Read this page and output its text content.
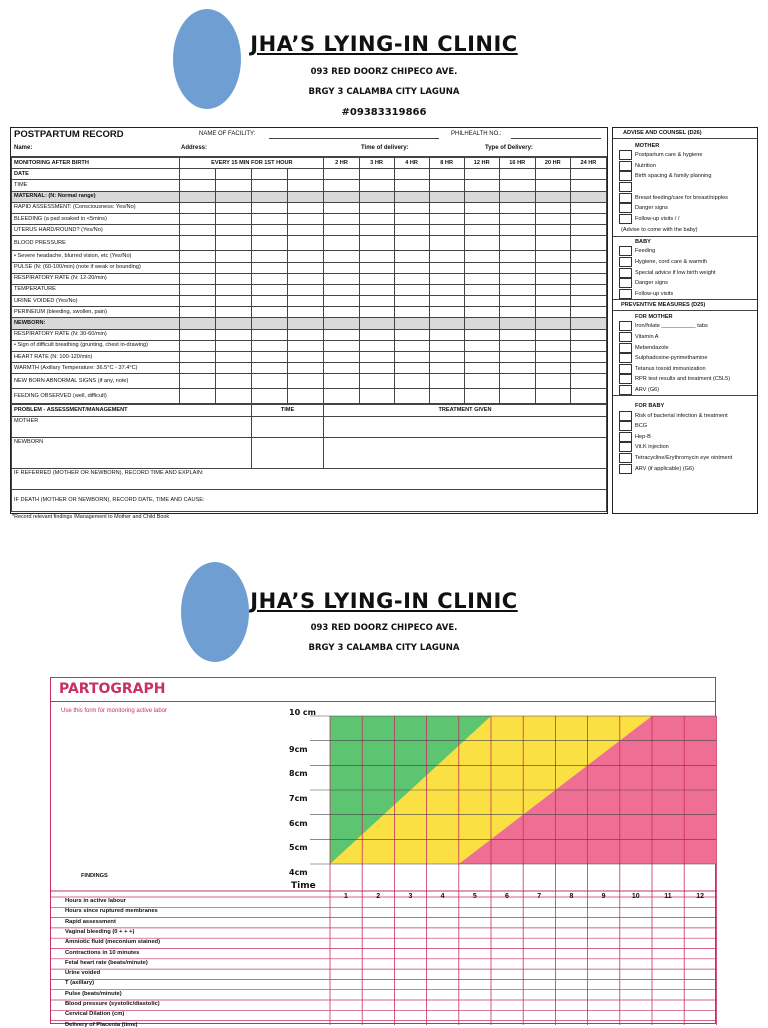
JHA’S LYING-IN CLINIC
093 RED DOORZ CHIPECO AVE.
BRGY 3 CALAMBA CITY LAGUNA
#09383319866
POSTPARTUM RECORD	NAME OF FACILITY:	PHILHEALTH NO.:
Name:	Address:	Time of delivery:	Type of Delivery:
MONITORING AFTER BIRTH	EVERY 15 MIN FOR 1ST HOUR				2 HR	3 HR	4 HR	8 HR	12 HR	16 HR	20 HR	24 HR
DATE												
TIME												
MATERNAL: (N: Normal range)												
RAPID ASSESSMENT: (Consciousness: Yes/No)												
BLEEDING (a pad soaked in <5mins)												
UTERUS HARD/ROUND? (Yes/No)												
BLOOD PRESSURE												
• Severe headache, blurred vision, etc (Yes/No)												
PULSE (N: (60-100/min) (note if weak or bounding)												
RESPIRATORY RATE (N: 12-20/min)												
TEMPERATURE												
URINE VOIDED (Yes/No)												
PERINEIUM (bleeding, swollen, pain)												
NEWBORN:												
RESPIRATORY RATE (N: 30-60/min)												
• Sign of difficult breathing (grunting, chest in-drawing)												
HEART RATE (N: 100-120/min)												
WARMTH (Axillary Temperature: 36.5°C - 37.4°C)												
NEW BORN ABNORMAL SIGNS (if any, note)												
FEEDING OBSERVED (well, difficult)												
PROBLEM - ASSESSMENT/MANAGEMENT	TIME	TREATMENT GIVEN
MOTHER		
NEWBORN		
IF REFERRED (MOTHER OR NEWBORN), RECORD TIME AND EXPLAIN:		
IF DEATH (MOTHER OR NEWBORN), RECORD DATE, TIME AND CAUSE:		
ADVISE AND COUNSEL (D26)
MOTHER
Postpartum care & hygiene
Nutrition
Birth spacing & family planning
Breast feeding/care for breast/nipples
Danger signs
Follow-up visits / /
(Advise to come with the baby)
BABY
Feeding
Hygiene, cord care & warmth
Special advice if low birth weight
Danger signs
Follow-up visits
PREVENTIVE MEASURES (D25)
FOR MOTHER
Iron/folate ___________ tabs
Vitamin A
Mebendazole
Sulphadoxine-pyrimethamine
Tetanus toxoid immunization
RPR test results and treatment (C5L5)
ARV (G6)
FOR BABY
Risk of bacterial infection & treatment
BCG
Hep-B
Vit.K injection
Tetracycline/Erythromycin eye ointment
ARV (if applicable) (G6)
*Record relevant findings /Management to Mother and Child Book
JHA’S LYING-IN CLINIC
093 RED DOORZ CHIPECO AVE.
BRGY 3 CALAMBA CITY LAGUNA
PARTOGRAPH
Use this form for monitoring active labor	10 cm
9cm
8cm
7cm
6cm
5cm
4cm
FINDINGS
Time
1	2	3	4	5	6	7	8	9	10	11	12
Hours in active labour
Hours since ruptured membranes
Rapid assessment
Vaginal bleeding (0 + + +)
Amniotic fluid (meconium stained)
Contractions in 10 minutes
Fetal heart rate (beats/minute)
Urine voided
T (axillary)
Pulse (beats/minute)
Blood pressure (systolic/diastolic)
Cervical Dilation (cm)
Delivery of Placenta (time)
